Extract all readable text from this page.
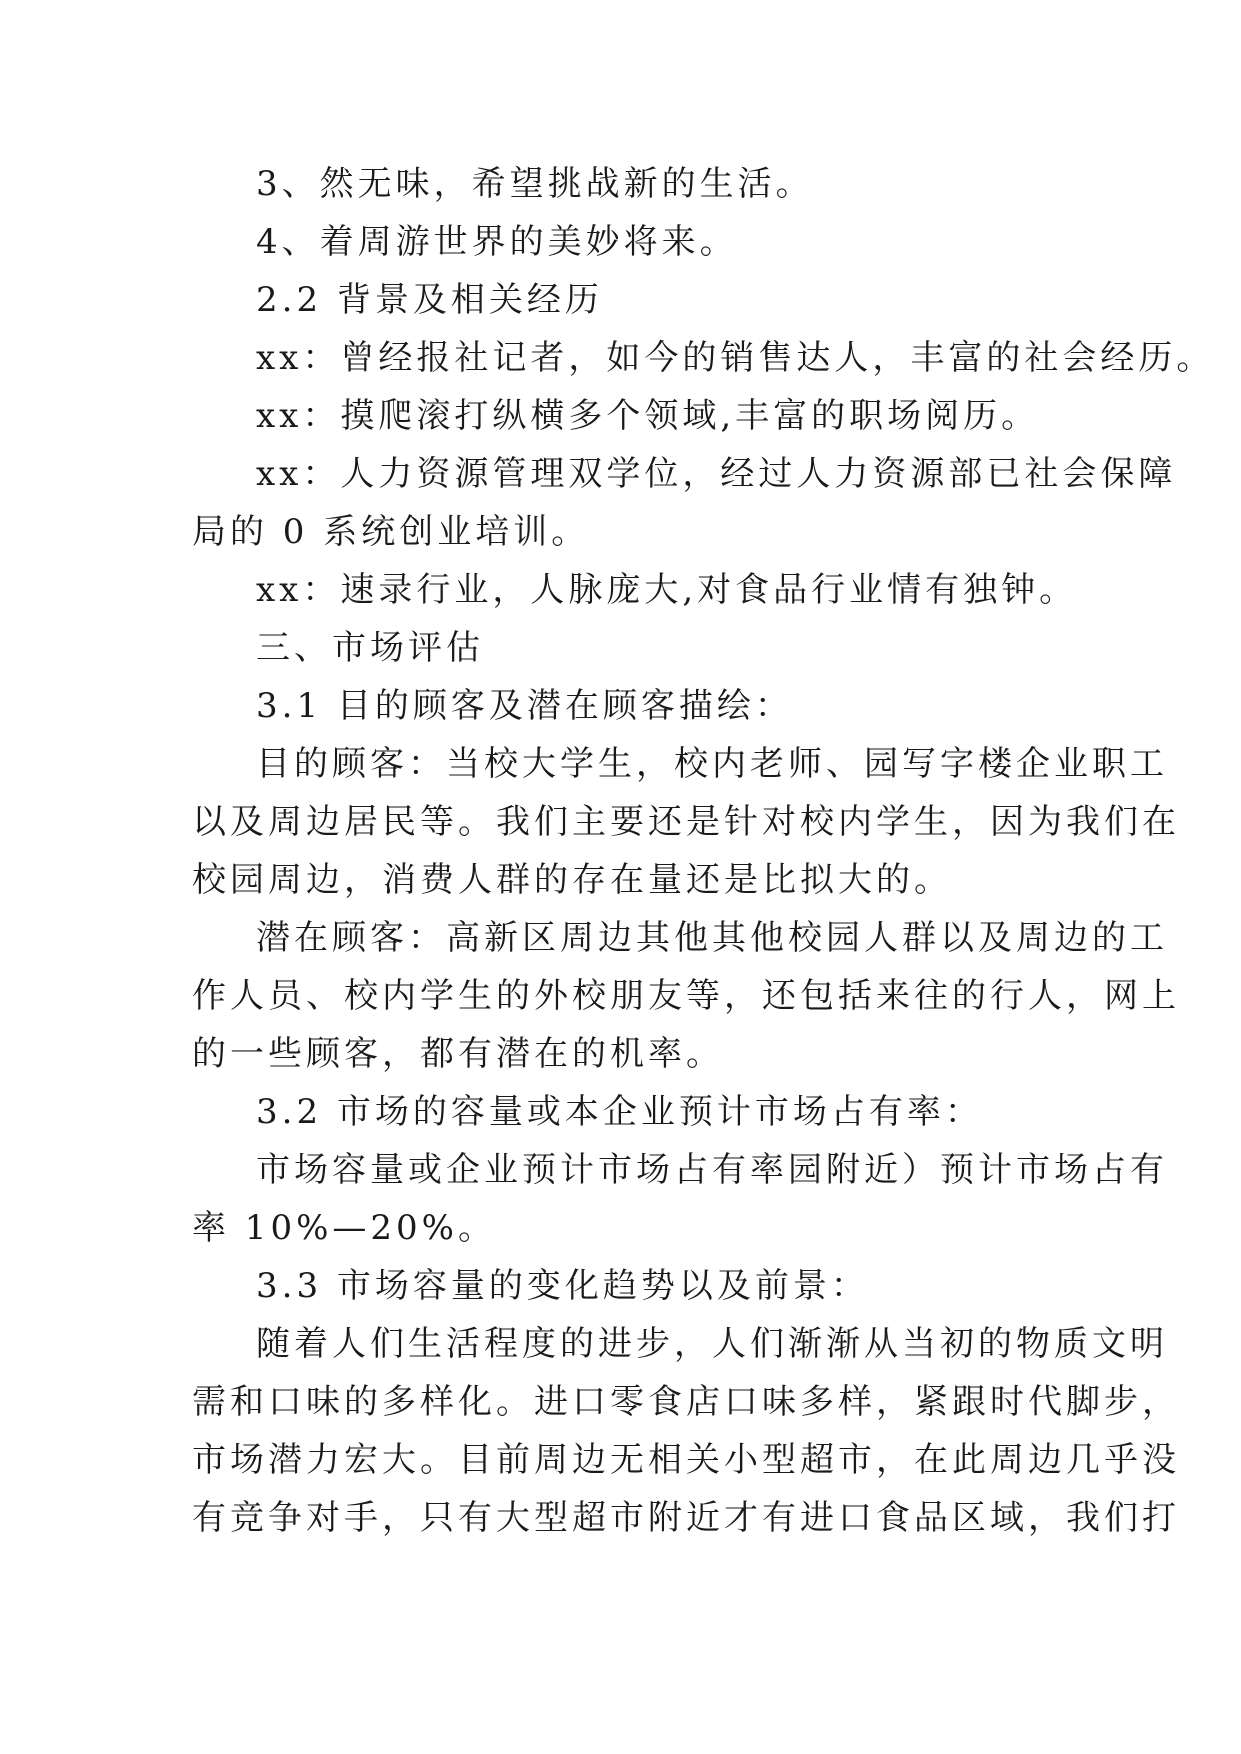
3、然无味，希望挑战新的生活。

4、着周游世界的美妙将来。

2.2 背景及相关经历

xx：曾经报社记者，如今的销售达人，丰富的社会经历。

xx：摸爬滚打纵横多个领域,丰富的职场阅历。

xx：人力资源管理双学位，经过人力资源部已社会保障

局的 0 系统创业培训。

xx：速录行业，人脉庞大,对食品行业情有独钟。

三、市场评估

3.1 目的顾客及潜在顾客描绘：

目的顾客：当校大学生，校内老师、园写字楼企业职工

以及周边居民等。我们主要还是针对校内学生，因为我们在

校园周边，消费人群的存在量还是比拟大的。

潜在顾客：高新区周边其他其他校园人群以及周边的工

作人员、校内学生的外校朋友等，还包括来往的行人，网上

的一些顾客，都有潜在的机率。

3.2 市场的容量或本企业预计市场占有率：

市场容量或企业预计市场占有率园附近）预计市场占有

率 10%—20%。

3.3 市场容量的变化趋势以及前景：

随着人们生活程度的进步，人们渐渐从当初的物质文明

需和口味的多样化。进口零食店口味多样，紧跟时代脚步，

市场潜力宏大。目前周边无相关小型超市，在此周边几乎没

有竞争对手，只有大型超市附近才有进口食品区域，我们打
